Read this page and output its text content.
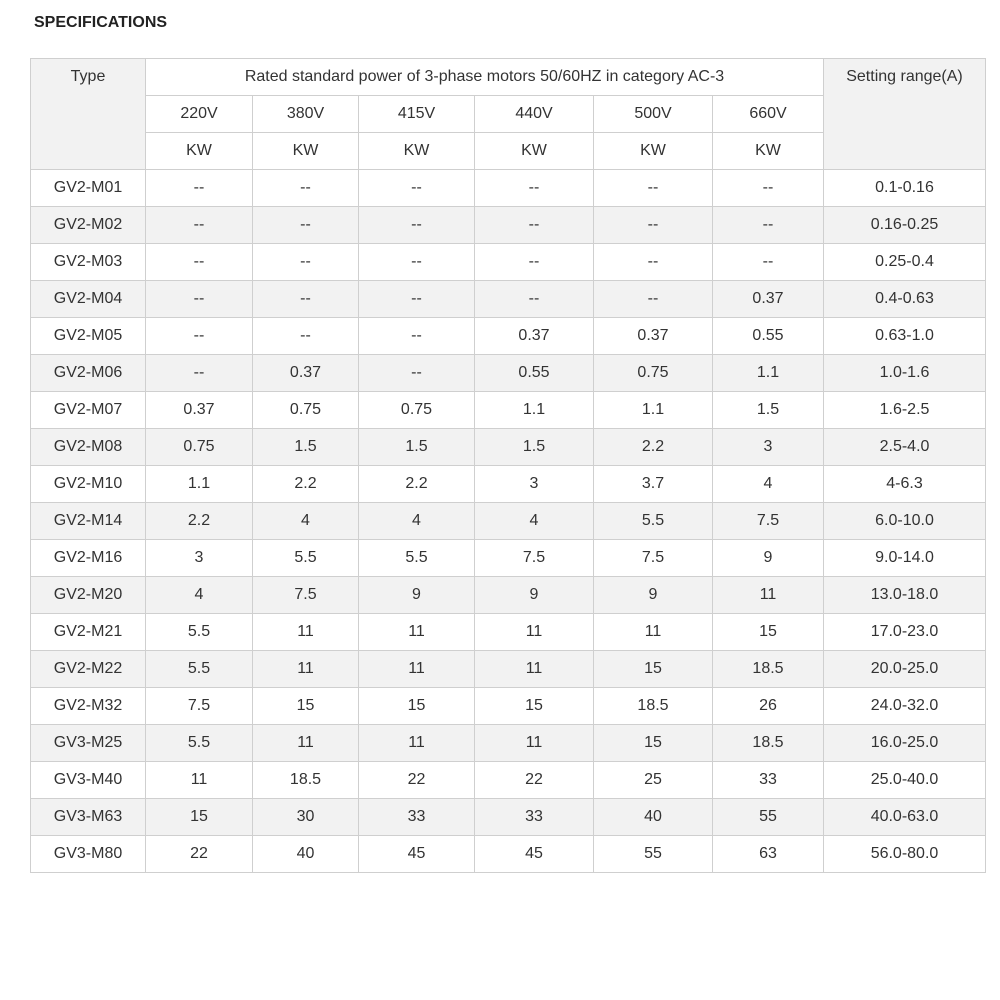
SPECIFICATIONS
Type	Rated standard power of 3-phase motors 50/60HZ in category AC-3						Setting range(A)
	220V	380V	415V	440V	500V	660V	
	KW	KW	KW	KW	KW	KW	
GV2-M01	--	--	--	--	--	--	0.1-0.16
GV2-M02	--	--	--	--	--	--	0.16-0.25
GV2-M03	--	--	--	--	--	--	0.25-0.4
GV2-M04	--	--	--	--	--	0.37	0.4-0.63
GV2-M05	--	--	--	0.37	0.37	0.55	0.63-1.0
GV2-M06	--	0.37	--	0.55	0.75	1.1	1.0-1.6
GV2-M07	0.37	0.75	0.75	1.1	1.1	1.5	1.6-2.5
GV2-M08	0.75	1.5	1.5	1.5	2.2	3	2.5-4.0
GV2-M10	1.1	2.2	2.2	3	3.7	4	4-6.3
GV2-M14	2.2	4	4	4	5.5	7.5	6.0-10.0
GV2-M16	3	5.5	5.5	7.5	7.5	9	9.0-14.0
GV2-M20	4	7.5	9	9	9	11	13.0-18.0
GV2-M21	5.5	11	11	11	11	15	17.0-23.0
GV2-M22	5.5	11	11	11	15	18.5	20.0-25.0
GV2-M32	7.5	15	15	15	18.5	26	24.0-32.0
GV3-M25	5.5	11	11	11	15	18.5	16.0-25.0
GV3-M40	11	18.5	22	22	25	33	25.0-40.0
GV3-M63	15	30	33	33	40	55	40.0-63.0
GV3-M80	22	40	45	45	55	63	56.0-80.0
